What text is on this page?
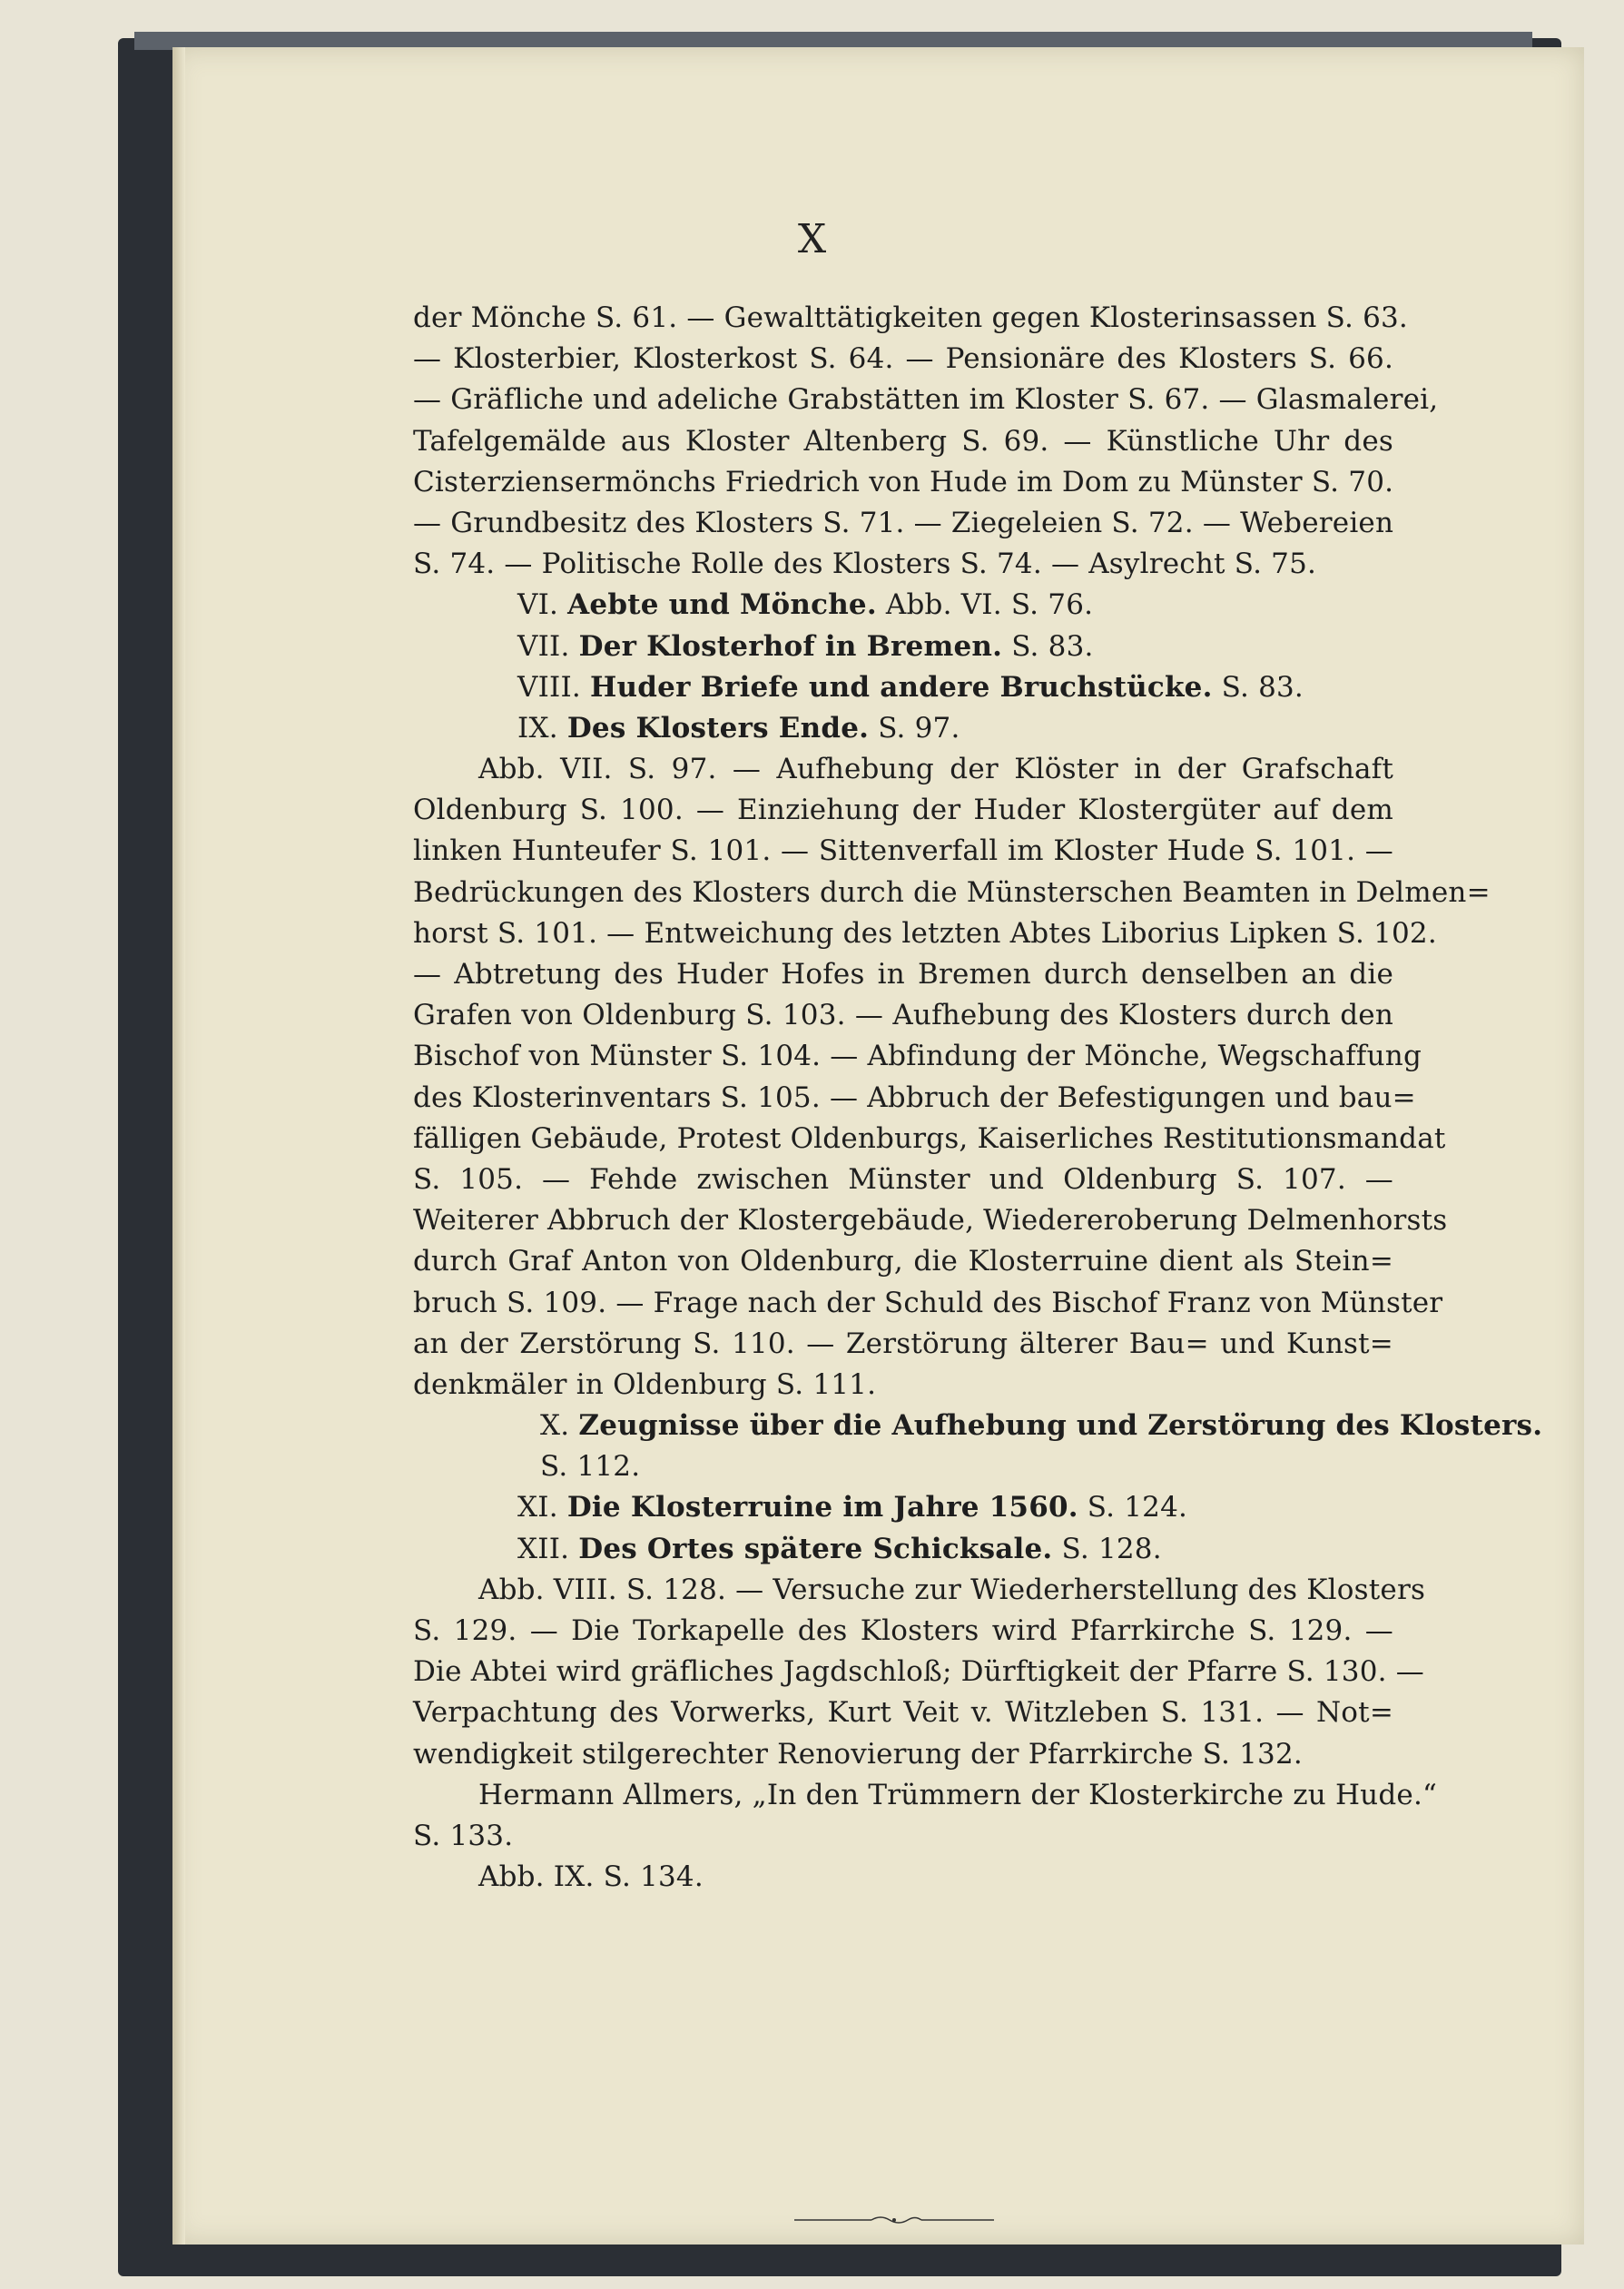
X
der Mönche S. 61. — Gewalttätigkeiten gegen Klosterinsassen S. 63.
— Klosterbier, Klosterkost S. 64. — Pensionäre des Klosters S. 66.
— Gräfliche und adeliche Grabstätten im Kloster S. 67. — Glasmalerei,
Tafelgemälde aus Kloster Altenberg S. 69. — Künstliche Uhr des
Cisterziensermönchs Friedrich von Hude im Dom zu Münster S. 70.
— Grundbesitz des Klosters S. 71. — Ziegeleien S. 72. — Webereien
S. 74. — Politische Rolle des Klosters S. 74. — Asylrecht S. 75.
VI. Aebte und Mönche. Abb. VI. S. 76.
VII. Der Klosterhof in Bremen. S. 83.
VIII. Huder Briefe und andere Bruchstücke. S. 83.
IX. Des Klosters Ende. S. 97.
Abb. VII. S. 97. — Aufhebung der Klöster in der Grafschaft
Oldenburg S. 100. — Einziehung der Huder Klostergüter auf dem
linken Hunteufer S. 101. — Sittenverfall im Kloster Hude S. 101. —
Bedrückungen des Klosters durch die Münsterschen Beamten in Delmen=
horst S. 101. — Entweichung des letzten Abtes Liborius Lipken S. 102.
— Abtretung des Huder Hofes in Bremen durch denselben an die
Grafen von Oldenburg S. 103. — Aufhebung des Klosters durch den
Bischof von Münster S. 104. — Abfindung der Mönche, Wegschaffung
des Klosterinventars S. 105. — Abbruch der Befestigungen und bau=
fälligen Gebäude, Protest Oldenburgs, Kaiserliches Restitutionsmandat
S. 105. — Fehde zwischen Münster und Oldenburg S. 107. —
Weiterer Abbruch der Klostergebäude, Wiedereroberung Delmenhorsts
durch Graf Anton von Oldenburg, die Klosterruine dient als Stein=
bruch S. 109. — Frage nach der Schuld des Bischof Franz von Münster
an der Zerstörung S. 110. — Zerstörung älterer Bau= und Kunst=
denkmäler in Oldenburg S. 111.
X. Zeugnisse über die Aufhebung und Zerstörung des Klosters.
S. 112.
XI. Die Klosterruine im Jahre 1560. S. 124.
XII. Des Ortes spätere Schicksale. S. 128.
Abb. VIII. S. 128. — Versuche zur Wiederherstellung des Klosters
S. 129. — Die Torkapelle des Klosters wird Pfarrkirche S. 129. —
Die Abtei wird gräfliches Jagdschloß; Dürftigkeit der Pfarre S. 130. —
Verpachtung des Vorwerks, Kurt Veit v. Witzleben S. 131. — Not=
wendigkeit stilgerechter Renovierung der Pfarrkirche S. 132.
Hermann Allmers, „In den Trümmern der Klosterkirche zu Hude.“
S. 133.
Abb. IX. S. 134.
